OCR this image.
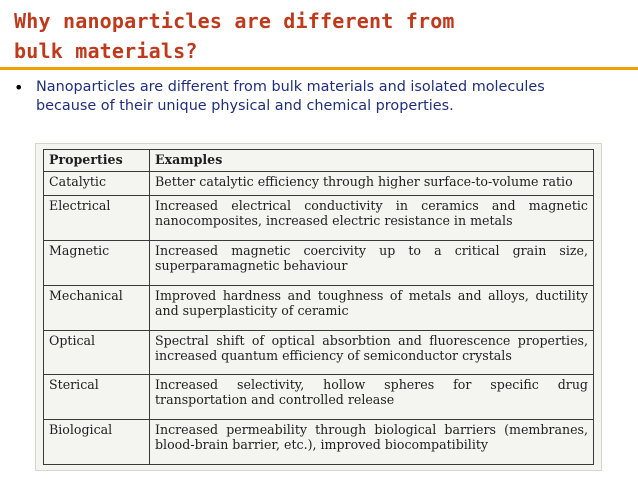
Why nanoparticles are different from
bulk materials?
• Nanoparticles are different from bulk materials and isolated molecules because of their unique physical and chemical properties.
Properties	Examples
Catalytic	Better catalytic efficiency through higher surface-to-volume ratio
Electrical	Increased electrical conductivity in ceramics and magnetic nanocomposites, increased electric resistance in metals
Magnetic	Increased magnetic coercivity up to a critical grain size, superparamagnetic behaviour
Mechanical	Improved hardness and toughness of metals and alloys, ductility and superplasticity of ceramic
Optical	Spectral shift of optical absorbtion and fluorescence properties, increased quantum efficiency of semiconductor crystals
Sterical	Increased selectivity, hollow spheres for specific drug transportation and controlled release
Biological	Increased permeability through biological barriers (membranes, blood-brain barrier, etc.), improved biocompatibility
